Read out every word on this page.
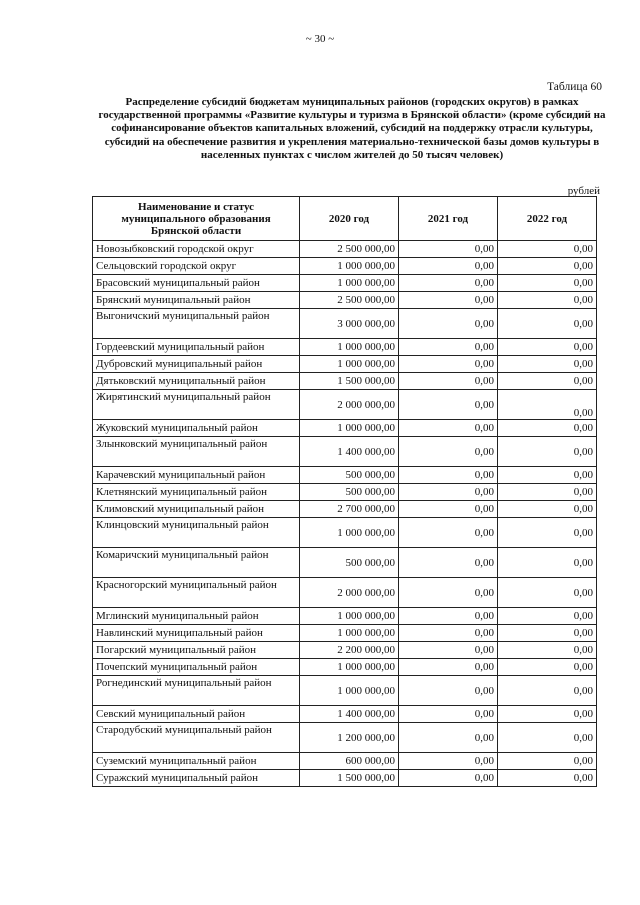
~ 30 ~
Таблица 60
Распределение субсидий бюджетам муниципальных районов (городских округов) в рамках государственной программы «Развитие культуры и туризма в Брянской области» (кроме субсидий на софинансирование объектов капитальных вложений, субсидий на поддержку отрасли культуры, субсидий на обеспечение развития и укрепления материально-технической базы домов культуры в населенных пунктах с числом жителей до 50 тысяч человек)
рублей
Наименование и статус муниципального образования Брянской области	2020 год	2021 год	2022 год
Новозыбковский городской округ	2 500 000,00	0,00	0,00
Сельцовский городской округ	1 000 000,00	0,00	0,00
Брасовский муниципальный район	1 000 000,00	0,00	0,00
Брянский муниципальный район	2 500 000,00	0,00	0,00
Выгоничский муниципальный район	3 000 000,00	0,00	0,00
Гордеевский муниципальный район	1 000 000,00	0,00	0,00
Дубровский муниципальный район	1 000 000,00	0,00	0,00
Дятьковский муниципальный район	1 500 000,00	0,00	0,00
Жирятинский муниципальный район	2 000 000,00	0,00	0,00
Жуковский муниципальный район	1 000 000,00	0,00	0,00
Злынковский муниципальный район	1 400 000,00	0,00	0,00
Карачевский муниципальный район	500 000,00	0,00	0,00
Клетнянский муниципальный район	500 000,00	0,00	0,00
Климовский муниципальный район	2 700 000,00	0,00	0,00
Клинцовский муниципальный район	1 000 000,00	0,00	0,00
Комаричский муниципальный район	500 000,00	0,00	0,00
Красногорский муниципальный район	2 000 000,00	0,00	0,00
Мглинский муниципальный район	1 000 000,00	0,00	0,00
Навлинский муниципальный район	1 000 000,00	0,00	0,00
Погарский муниципальный район	2 200 000,00	0,00	0,00
Почепский муниципальный район	1 000 000,00	0,00	0,00
Рогнединский муниципальный район	1 000 000,00	0,00	0,00
Севский муниципальный район	1 400 000,00	0,00	0,00
Стародубский муниципальный район	1 200 000,00	0,00	0,00
Суземский муниципальный район	600 000,00	0,00	0,00
Суражский муниципальный район	1 500 000,00	0,00	0,00
